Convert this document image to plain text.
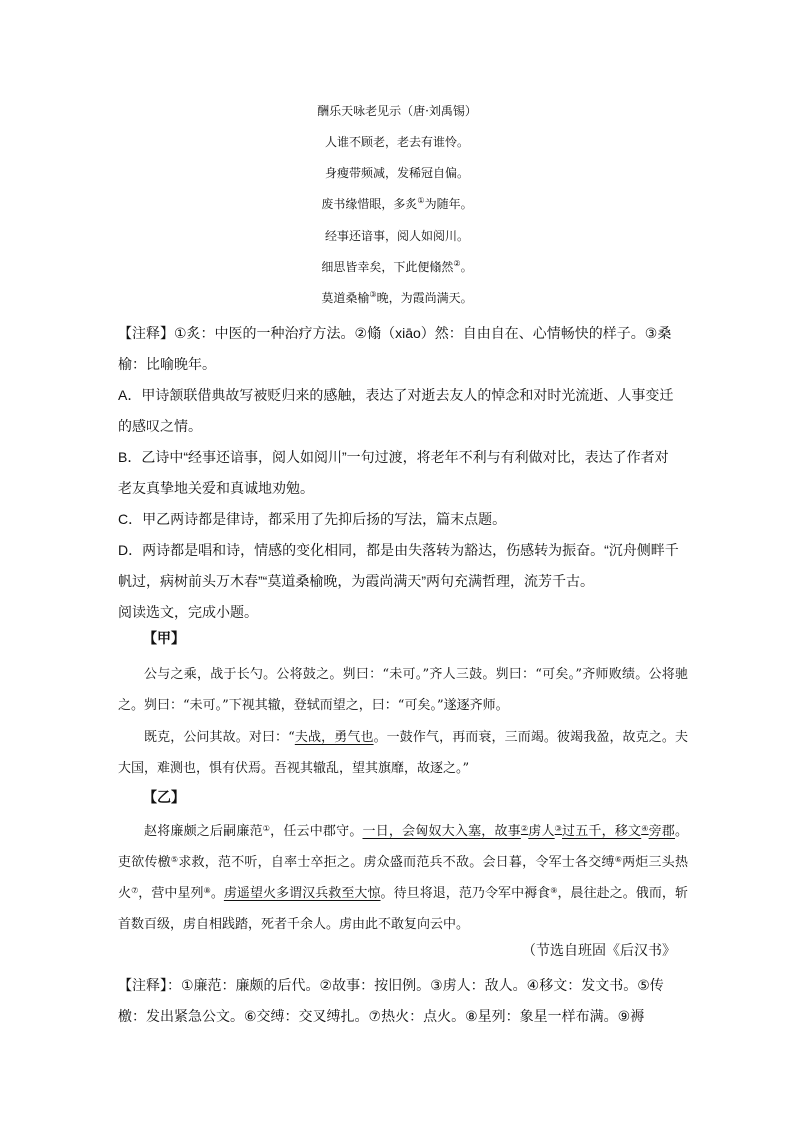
酬乐天咏老见示（唐·刘禹锡）
人谁不顾老，老去有谁怜。
身瘦带频减，发稀冠自偏。
废书缘惜眼，多炙①为随年。
经事还谙事，阅人如阅川。
细思皆幸矣，下此便翛然②。
莫道桑榆③晚，为霞尚满天。
【注释】①炙：中医的一种治疗方法。②翛（xiāo）然：自由自在、心情畅快的样子。③桑榆：比喻晚年。
A．甲诗颔联借典故写被贬归来的感触，表达了对逝去友人的悼念和对时光流逝、人事变迁的感叹之情。
B．乙诗中“经事还谙事，阅人如阅川”一句过渡，将老年不利与有利做对比，表达了作者对老友真挚地关爱和真诚地劝勉。
C．甲乙两诗都是律诗，都采用了先抑后扬的写法，篇末点题。
D．两诗都是唱和诗，情感的变化相同，都是由失落转为豁达，伤感转为振奋。“沉舟侧畔千帆过，病树前头万木春”“莫道桑榆晚，为霞尚满天”两句充满哲理，流芳千古。
阅读选文，完成小题。
【甲】
公与之乘，战于长勺。公将鼓之。刿曰：“未可。”齐人三鼓。刿曰：“可矣。”齐师败绩。公将驰之。刿曰：“未可。”下视其辙，登轼而望之，曰：“可矣。”遂逐齐师。
既克，公问其故。对曰：“夫战，勇气也。一鼓作气，再而衰，三而竭。彼竭我盈，故克之。夫大国，难测也，惧有伏焉。吾视其辙乱，望其旗靡，故逐之。”
【乙】
赵将廉颇之后嗣廉范①，任云中郡守。一日，会匈奴大入塞，故事②虏人③过五千，移文④旁郡。吏欲传檄⑤求救，范不听，自率士卒拒之。虏众盛而范兵不敌。会日暮，令军士各交缚⑥两炬三头热火⑦，营中星列⑧。虏遥望火多谓汉兵救至大惊。待旦将退，范乃令军中褥食⑨，晨往赴之。俄而，斩首数百级，虏自相践踏，死者千余人。虏由此不敢复向云中。
（节选自班固《后汉书》
【注释】：①廉范：廉颇的后代。②故事：按旧例。③虏人：敌人。④移文：发文书。⑤传檄：发出紧急公文。⑥交缚：交叉缚扎。⑦热火：点火。⑧星列：象星一样布满。⑨褥
